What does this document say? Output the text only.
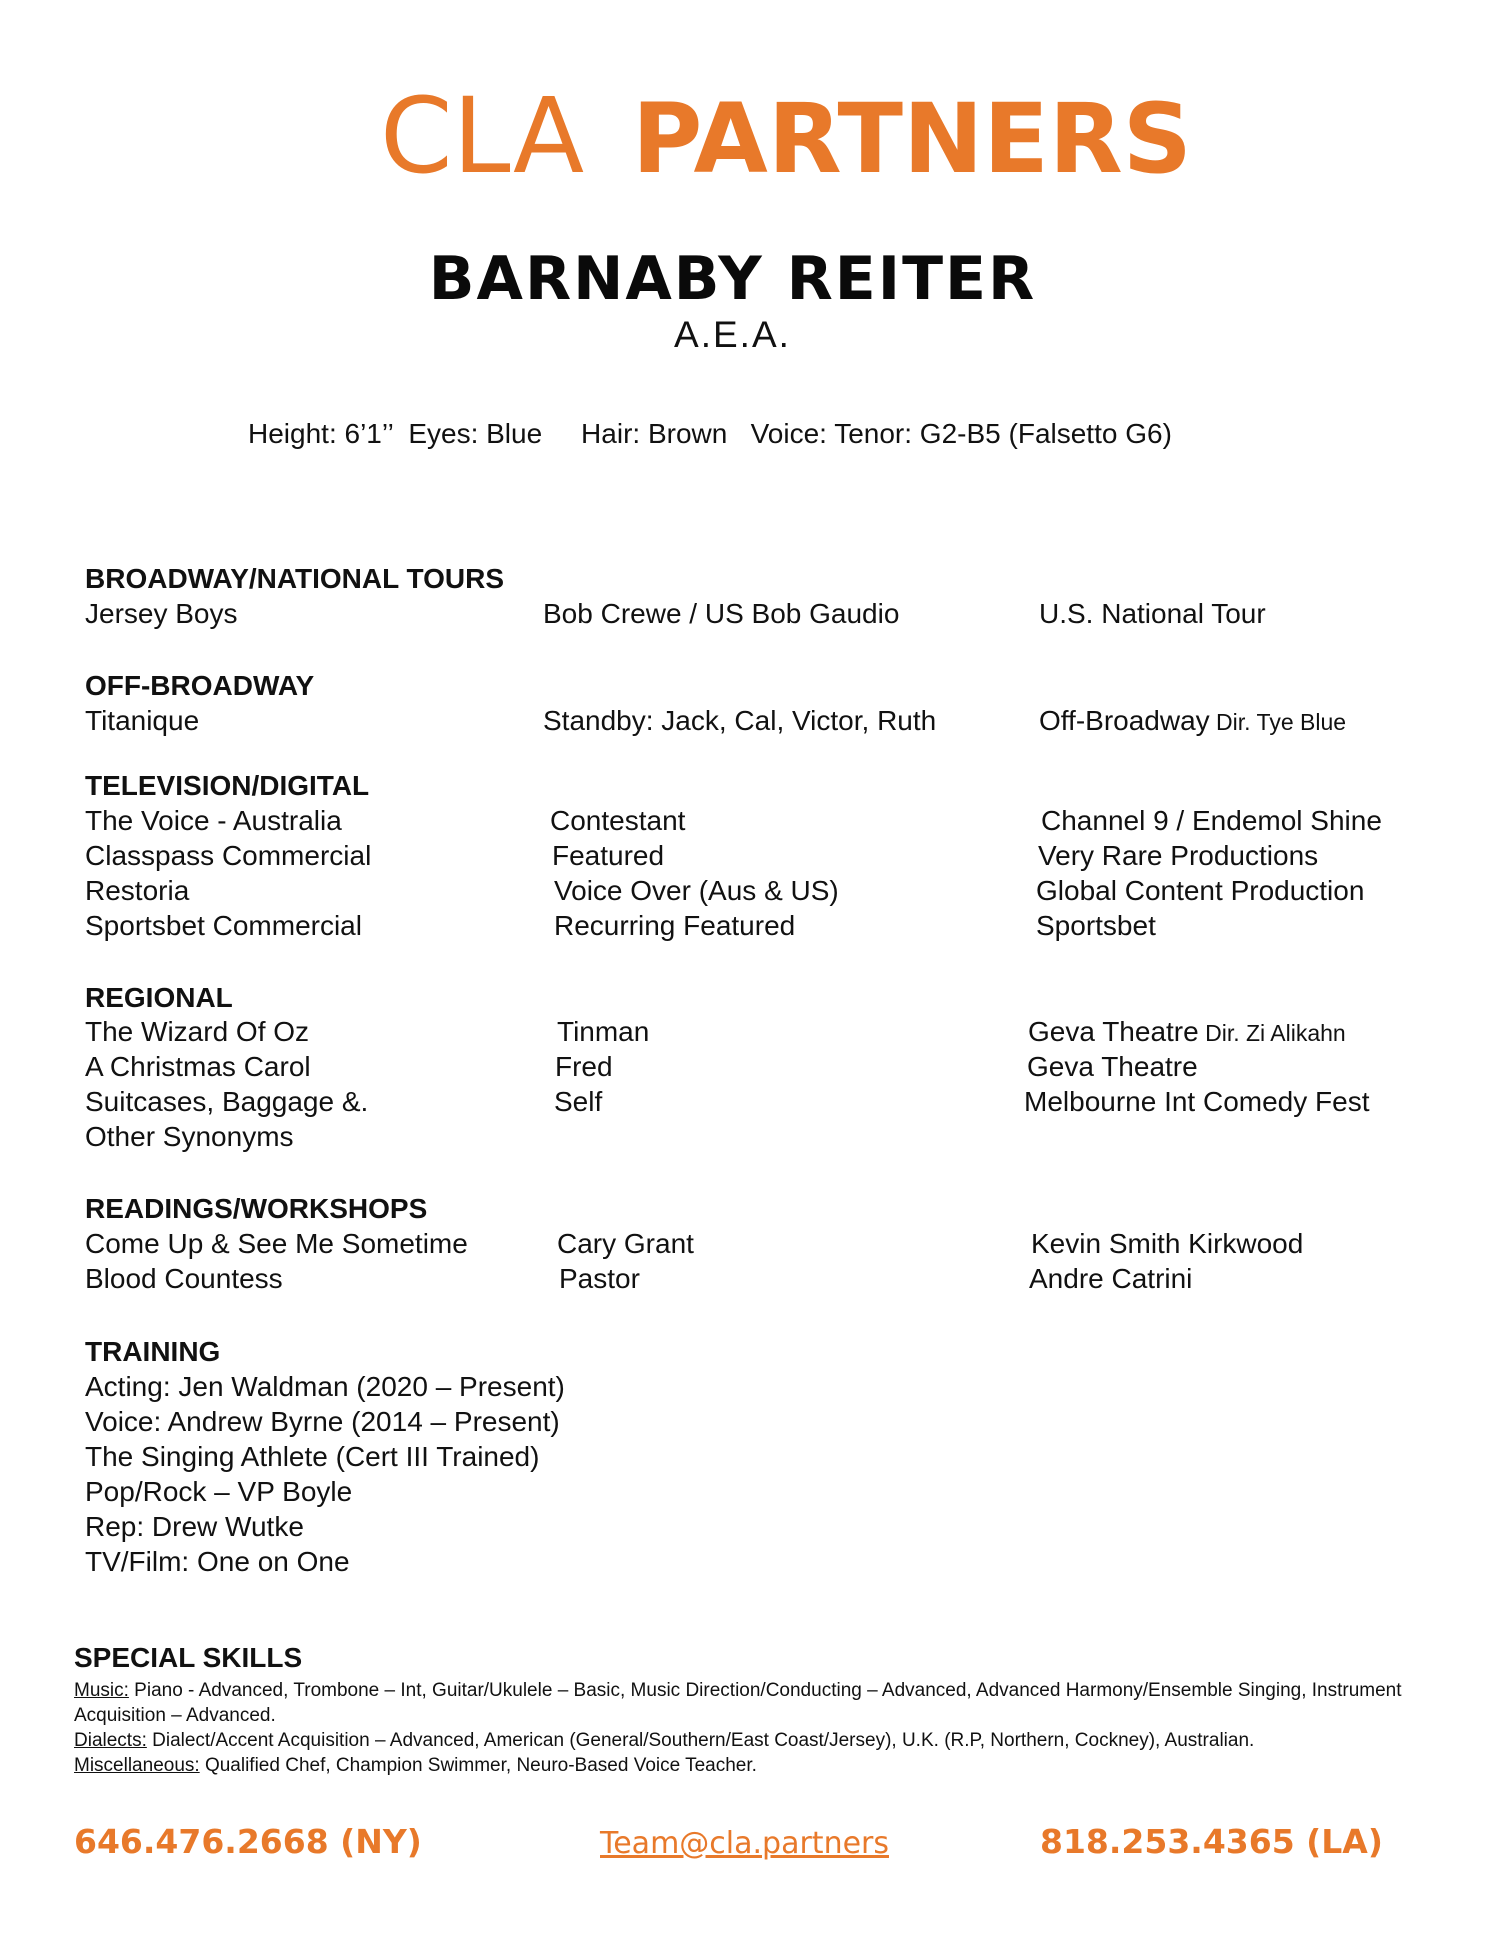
CLA PARTNERS
BARNABY REITER
A.E.A.
Height: 6’1’’  Eyes: Blue     Hair: Brown   Voice: Tenor: G2-B5 (Falsetto G6)
BROADWAY/NATIONAL TOURS
Jersey Boys	Bob Crewe / US Bob Gaudio	U.S. National Tour
OFF-BROADWAY
Titanique	Standby: Jack, Cal, Victor, Ruth	Off-Broadway Dir. Tye Blue
TELEVISION/DIGITAL
The Voice - Australia	Contestant	Channel 9 / Endemol Shine
Classpass Commercial	Featured	Very Rare Productions
Restoria	Voice Over (Aus & US)	Global Content Production
Sportsbet Commercial	Recurring Featured	Sportsbet
REGIONAL
The Wizard Of Oz	Tinman	Geva Theatre Dir. Zi Alikahn
A Christmas Carol	Fred	Geva Theatre
Suitcases, Baggage &.	Self	Melbourne Int Comedy Fest
Other Synonyms
READINGS/WORKSHOPS
Come Up & See Me Sometime	Cary Grant	Kevin Smith Kirkwood
Blood Countess	Pastor	Andre Catrini
TRAINING
Acting: Jen Waldman (2020 – Present)
Voice: Andrew Byrne (2014 – Present)
The Singing Athlete (Cert III Trained)
Pop/Rock – VP Boyle
Rep: Drew Wutke
TV/Film: One on One
SPECIAL SKILLS
Music: Piano - Advanced, Trombone – Int, Guitar/Ukulele – Basic, Music Direction/Conducting – Advanced, Advanced Harmony/Ensemble Singing, Instrument Acquisition – Advanced.
Dialects: Dialect/Accent Acquisition – Advanced, American (General/Southern/East Coast/Jersey), U.K. (R.P, Northern, Cockney), Australian.
Miscellaneous: Qualified Chef, Champion Swimmer, Neuro-Based Voice Teacher.
646.476.2668 (NY)	Team@cla.partners	818.253.4365 (LA)
